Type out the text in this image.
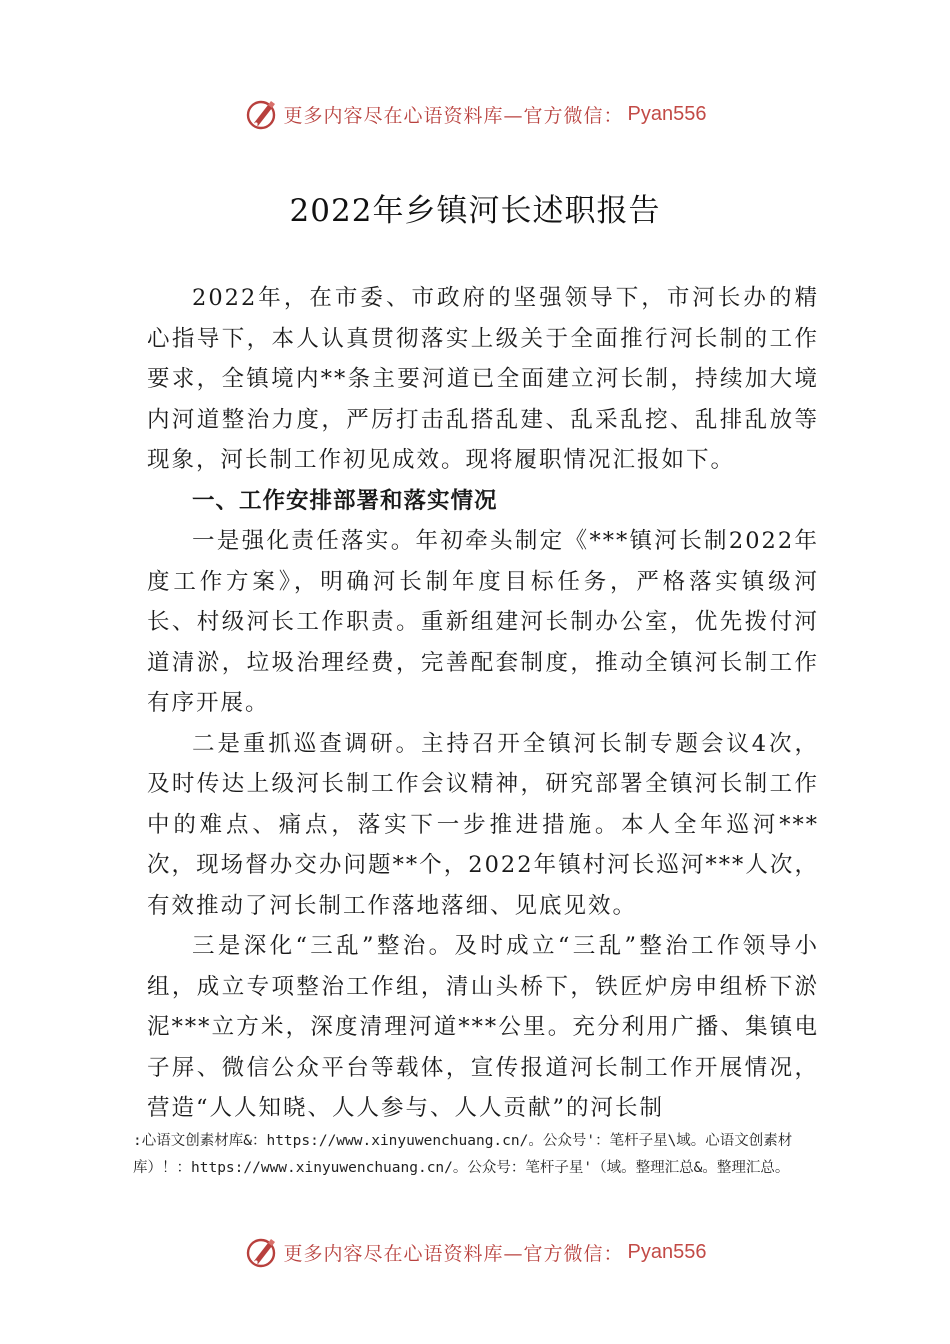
更多内容尽在心语资料库—官方微信： Pyan556
2022年乡镇河长述职报告

2022年，在市委、市政府的坚强领导下，市河长办的精心指导下，本人认真贯彻落实上级关于全面推行河长制的工作要求，全镇境内**条主要河道已全面建立河长制，持续加大境内河道整治力度，严厉打击乱搭乱建、乱采乱挖、乱排乱放等现象，河长制工作初见成效。现将履职情况汇报如下。

一、工作安排部署和落实情况

一是强化责任落实。年初牵头制定《***镇河长制2022年度工作方案》，明确河长制年度目标任务，严格落实镇级河长、村级河长工作职责。重新组建河长制办公室，优先拨付河道清淤，垃圾治理经费，完善配套制度，推动全镇河长制工作有序开展。

二是重抓巡查调研。主持召开全镇河长制专题会议4次，及时传达上级河长制工作会议精神，研究部署全镇河长制工作中的难点、痛点，落实下一步推进措施。本人全年巡河***次，现场督办交办问题**个，2022年镇村河长巡河***人次，有效推动了河长制工作落地落细、见底见效。

三是深化“三乱”整治。及时成立“三乱”整治工作领导小组，成立专项整治工作组，清山头桥下，铁匠炉房申组桥下淤泥***立方米，深度清理河道***公里。充分利用广播、集镇电子屏、微信公众平台等载体，宣传报道河长制工作开展情况，营造“人人知晓、人人参与、人人贡献”的河长制

:心语文创素材库&：https://www.xinyuwenchuang.cn/。公众号'：笔杆子星\域。心语文创素材库）！：https://www.xinyuwenchuang.cn/。公众号：笔杆子星'（域。整理汇总&。整理汇总。
更多内容尽在心语资料库—官方微信： Pyan556
